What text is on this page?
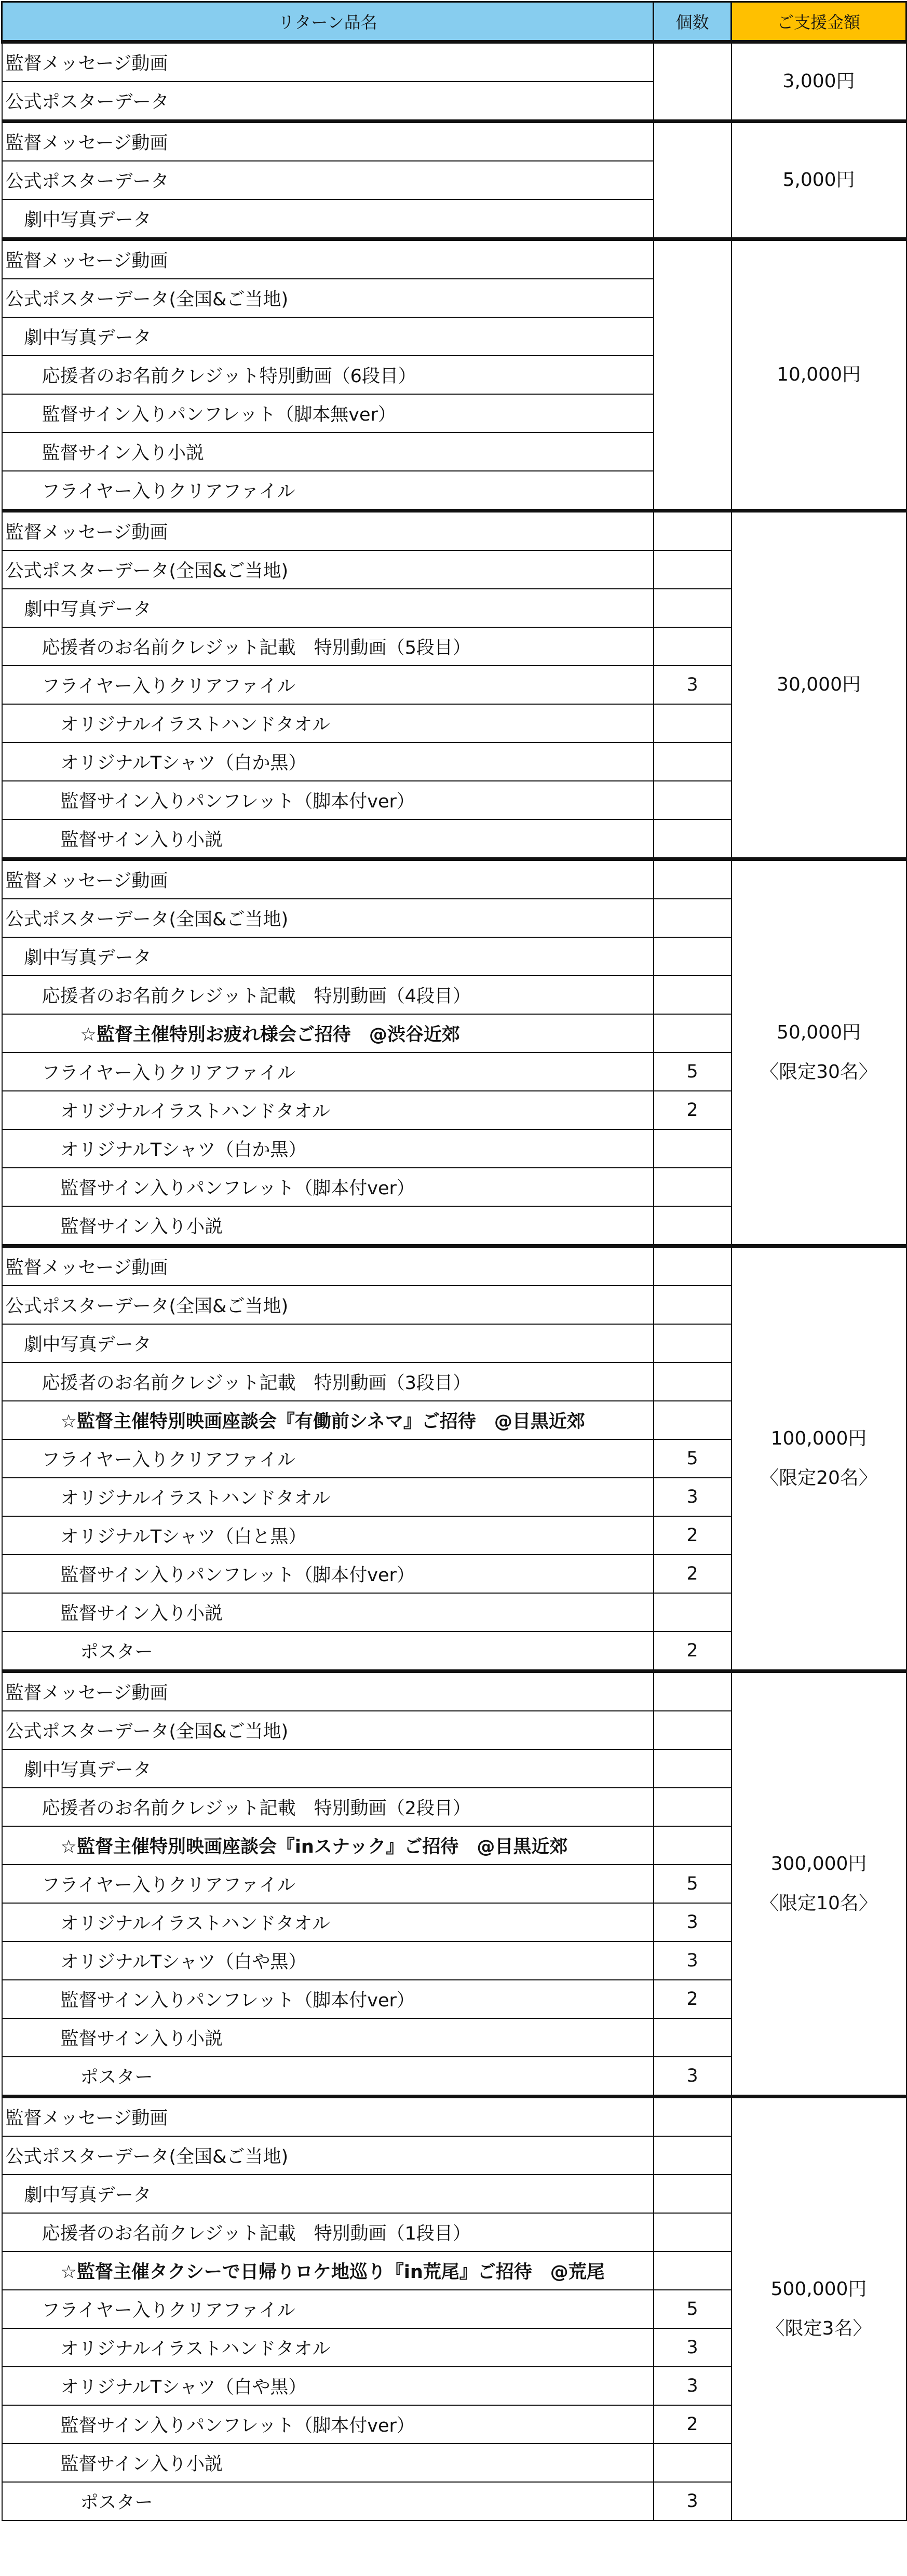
リターン品名	個数	ご支援金額
監督メッセージ動画		3,000円

公式ポスターデータ		
監督メッセージ動画		5,000円

公式ポスターデータ		
劇中写真データ		
監督メッセージ動画		10,000円

公式ポスターデータ(全国&ご当地)		
劇中写真データ		
応援者のお名前クレジット特別動画（6段目）		
監督サイン入りパンフレット（脚本無ver）		
監督サイン入り小説		
フライヤー入りクリアファイル		
監督メッセージ動画		30,000円

公式ポスターデータ(全国&ご当地)		
劇中写真データ		
応援者のお名前クレジット記載　特別動画（5段目）		
フライヤー入りクリアファイル	3	
オリジナルイラストハンドタオル		
オリジナルTシャツ（白か黒）		
監督サイン入りパンフレット（脚本付ver）		
監督サイン入り小説		
監督メッセージ動画		50,000円
〈限定30名〉

公式ポスターデータ(全国&ご当地)		
劇中写真データ		
応援者のお名前クレジット記載　特別動画（4段目）		
☆監督主催特別お疲れ様会ご招待　@渋谷近郊		
フライヤー入りクリアファイル	5	
オリジナルイラストハンドタオル	2	
オリジナルTシャツ（白か黒）		
監督サイン入りパンフレット（脚本付ver）		
監督サイン入り小説		
監督メッセージ動画		100,000円
〈限定20名〉

公式ポスターデータ(全国&ご当地)		
劇中写真データ		
応援者のお名前クレジット記載　特別動画（3段目）		
☆監督主催特別映画座談会『有働前シネマ』ご招待　@目黒近郊		
フライヤー入りクリアファイル	5	
オリジナルイラストハンドタオル	3	
オリジナルTシャツ（白と黒）	2	
監督サイン入りパンフレット（脚本付ver）	2	
監督サイン入り小説		
ポスター	2	
監督メッセージ動画		300,000円
〈限定10名〉

公式ポスターデータ(全国&ご当地)		
劇中写真データ		
応援者のお名前クレジット記載　特別動画（2段目）		
☆監督主催特別映画座談会『inスナック』ご招待　@目黒近郊		
フライヤー入りクリアファイル	5	
オリジナルイラストハンドタオル	3	
オリジナルTシャツ（白や黒）	3	
監督サイン入りパンフレット（脚本付ver）	2	
監督サイン入り小説		
ポスター	3	
監督メッセージ動画		500,000円
〈限定3名〉

公式ポスターデータ(全国&ご当地)		
劇中写真データ		
応援者のお名前クレジット記載　特別動画（1段目）		
☆監督主催タクシーで日帰りロケ地巡り『in荒尾』ご招待　@荒尾		
フライヤー入りクリアファイル	5	
オリジナルイラストハンドタオル	3	
オリジナルTシャツ（白や黒）	3	
監督サイン入りパンフレット（脚本付ver）	2	
監督サイン入り小説		
ポスター	3	
